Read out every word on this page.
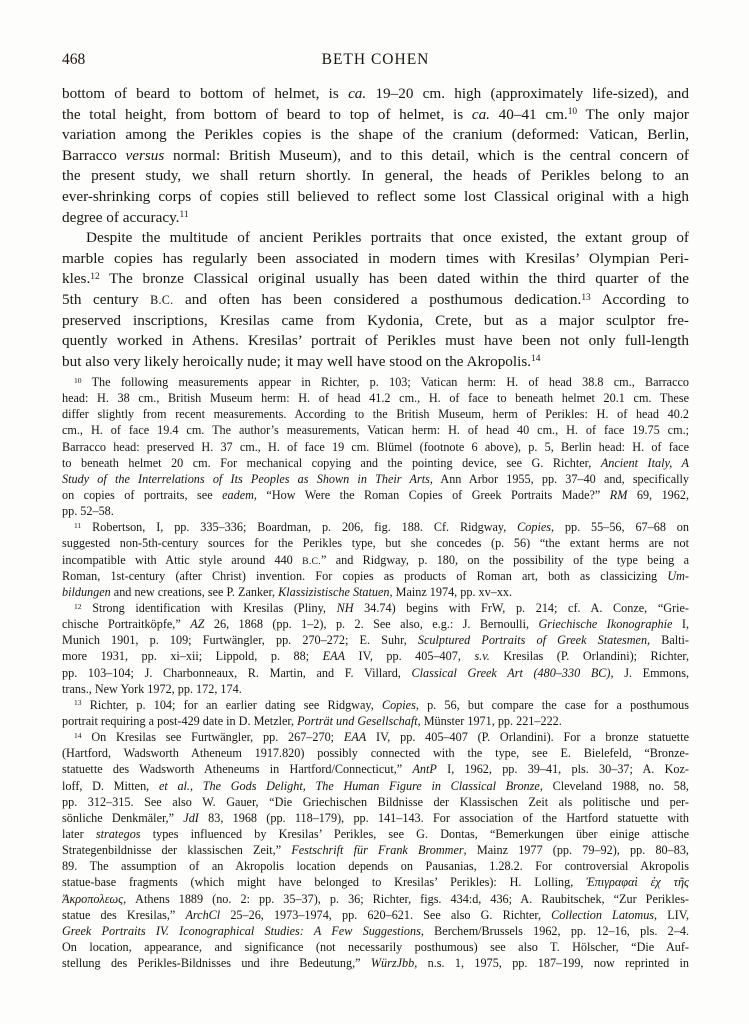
468	BETH COHEN
bottom of beard to bottom of helmet, is ca. 19–20 cm. high (approximately life-sized), and
the total height, from bottom of beard to top of helmet, is ca. 40–41 cm.$^{10}$ The only major
variation among the Perikles copies is the shape of the cranium (deformed: Vatican, Berlin,
Barracco versus normal: British Museum), and to this detail, which is the central concern of
the present study, we shall return shortly. In general, the heads of Perikles belong to an
ever-shrinking corps of copies still believed to reflect some lost Classical original with a high
degree of accuracy.$^{11}$
Despite the multitude of ancient Perikles portraits that once existed, the extant group of
marble copies has regularly been associated in modern times with Kresilas’ Olympian Peri-
kles.$^{12}$ The bronze Classical original usually has been dated within the third quarter of the
5th century B.C. and often has been considered a posthumous dedication.$^{13}$ According to
preserved inscriptions, Kresilas came from Kydonia, Crete, but as a major sculptor fre-
quently worked in Athens. Kresilas’ portrait of Perikles must have been not only full-length
but also very likely heroically nude; it may well have stood on the Akropolis.$^{14}$
$^{10}$ The following measurements appear in Richter, p. 103; Vatican herm: H. of head 38.8 cm., Barracco
head: H. 38 cm., British Museum herm: H. of head 41.2 cm., H. of face to beneath helmet 20.1 cm. These
differ slightly from recent measurements. According to the British Museum, herm of Perikles: H. of head 40.2
cm., H. of face 19.4 cm. The author’s measurements, Vatican herm: H. of head 40 cm., H. of face 19.75 cm.;
Barracco head: preserved H. 37 cm., H. of face 19 cm. Blümel (footnote 6 above), p. 5, Berlin head: H. of face
to beneath helmet 20 cm. For mechanical copying and the pointing device, see G. Richter, Ancient Italy, A
Study of the Interrelations of Its Peoples as Shown in Their Arts, Ann Arbor 1955, pp. 37–40 and, specifically
on copies of portraits, see eadem, “How Were the Roman Copies of Greek Portraits Made?” RM 69, 1962,
pp. 52–58.
$^{11}$ Robertson, I, pp. 335–336; Boardman, p. 206, fig. 188. Cf. Ridgway, Copies, pp. 55–56, 67–68 on
suggested non-5th-century sources for the Perikles type, but she concedes (p. 56) “the extant herms are not
incompatible with Attic style around 440 B.C.” and Ridgway, p. 180, on the possibility of the type being a
Roman, 1st-century (after Christ) invention. For copies as products of Roman art, both as classicizing Um-
bildungen and new creations, see P. Zanker, Klassizistische Statuen, Mainz 1974, pp. xv–xx.
$^{12}$ Strong identification with Kresilas (Pliny, NH 34.74) begins with FrW, p. 214; cf. A. Conze, “Grie-
chische Portraitköpfe,” AZ 26, 1868 (pp. 1–2), p. 2. See also, e.g.: J. Bernoulli, Griechische Ikonographie I,
Munich 1901, p. 109; Furtwängler, pp. 270–272; E. Suhr, Sculptured Portraits of Greek Statesmen, Balti-
more 1931, pp. xi–xii; Lippold, p. 88; EAA IV, pp. 405–407, s.v. Kresilas (P. Orlandini); Richter,
pp. 103–104; J. Charbonneaux, R. Martin, and F. Villard, Classical Greek Art (480–330 BC), J. Emmons,
trans., New York 1972, pp. 172, 174.
$^{13}$ Richter, p. 104; for an earlier dating see Ridgway, Copies, p. 56, but compare the case for a posthumous
portrait requiring a post-429 date in D. Metzler, Porträt und Gesellschaft, Münster 1971, pp. 221–222.
$^{14}$ On Kresilas see Furtwängler, pp. 267–270; EAA IV, pp. 405–407 (P. Orlandini). For a bronze statuette
(Hartford, Wadsworth Atheneum 1917.820) possibly connected with the type, see E. Bielefeld, “Bronze-
statuette des Wadsworth Atheneums in Hartford/Connecticut,” AntP I, 1962, pp. 39–41, pls. 30–37; A. Koz-
loff, D. Mitten, et al., The Gods Delight, The Human Figure in Classical Bronze, Cleveland 1988, no. 58,
pp. 312–315. See also W. Gauer, “Die Griechischen Bildnisse der Klassischen Zeit als politische und per-
sönliche Denkmäler,” JdI 83, 1968 (pp. 118–179), pp. 141–143. For association of the Hartford statuette with
later strategos types influenced by Kresilas’ Perikles, see G. Dontas, “Bemerkungen über einige attische
Strategenbildnisse der klassischen Zeit,” Festschrift für Frank Brommer, Mainz 1977 (pp. 79–92), pp. 80–83,
89. The assumption of an Akropolis location depends on Pausanias, 1.28.2. For controversial Akropolis
statue-base fragments (which might have belonged to Kresilas’ Perikles): H. Lolling, Ἐπιγραφαὶ ἐχ τῆς
Ἀκροπολεως, Athens 1889 (no. 2: pp. 35–37), p. 36; Richter, figs. 434:d, 436; A. Raubitschek, “Zur Perikles-
statue des Kresilas,” ArchCl 25–26, 1973–1974, pp. 620–621. See also G. Richter, Collection Latomus, LIV,
Greek Portraits IV. Iconographical Studies: A Few Suggestions, Berchem/Brussels 1962, pp. 12–16, pls. 2–4.
On location, appearance, and significance (not necessarily posthumous) see also T. Hölscher, “Die Auf-
stellung des Perikles-Bildnisses und ihre Bedeutung,” WürzJbb, n.s. 1, 1975, pp. 187–199, now reprinted in
